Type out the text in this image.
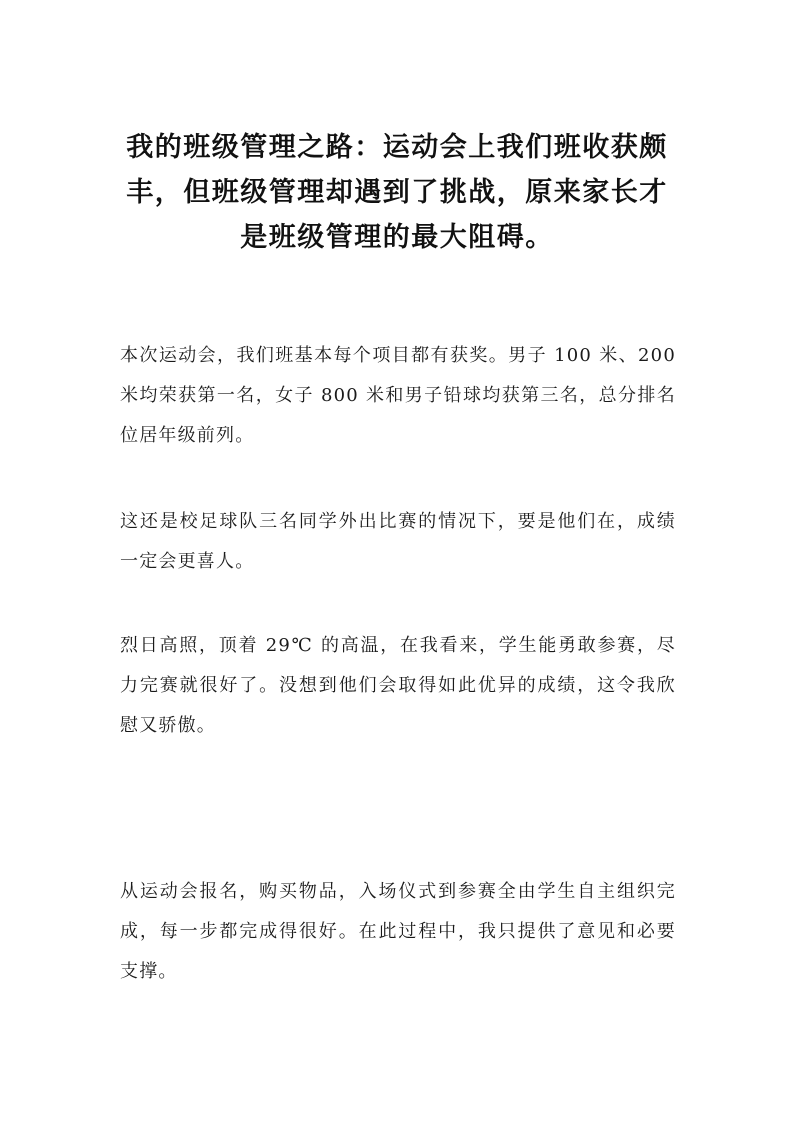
我的班级管理之路：运动会上我们班收获颇丰，但班级管理却遇到了挑战，原来家长才是班级管理的最大阻碍。

本次运动会，我们班基本每个项目都有获奖。男子 100 米、200 米均荣获第一名，女子 800 米和男子铅球均获第三名，总分排名位居年级前列。

这还是校足球队三名同学外出比赛的情况下，要是他们在，成绩一定会更喜人。

烈日高照，顶着 29℃ 的高温，在我看来，学生能勇敢参赛，尽力完赛就很好了。没想到他们会取得如此优异的成绩，这令我欣慰又骄傲。

从运动会报名，购买物品，入场仪式到参赛全由学生自主组织完成，每一步都完成得很好。在此过程中，我只提供了意见和必要支撑。
